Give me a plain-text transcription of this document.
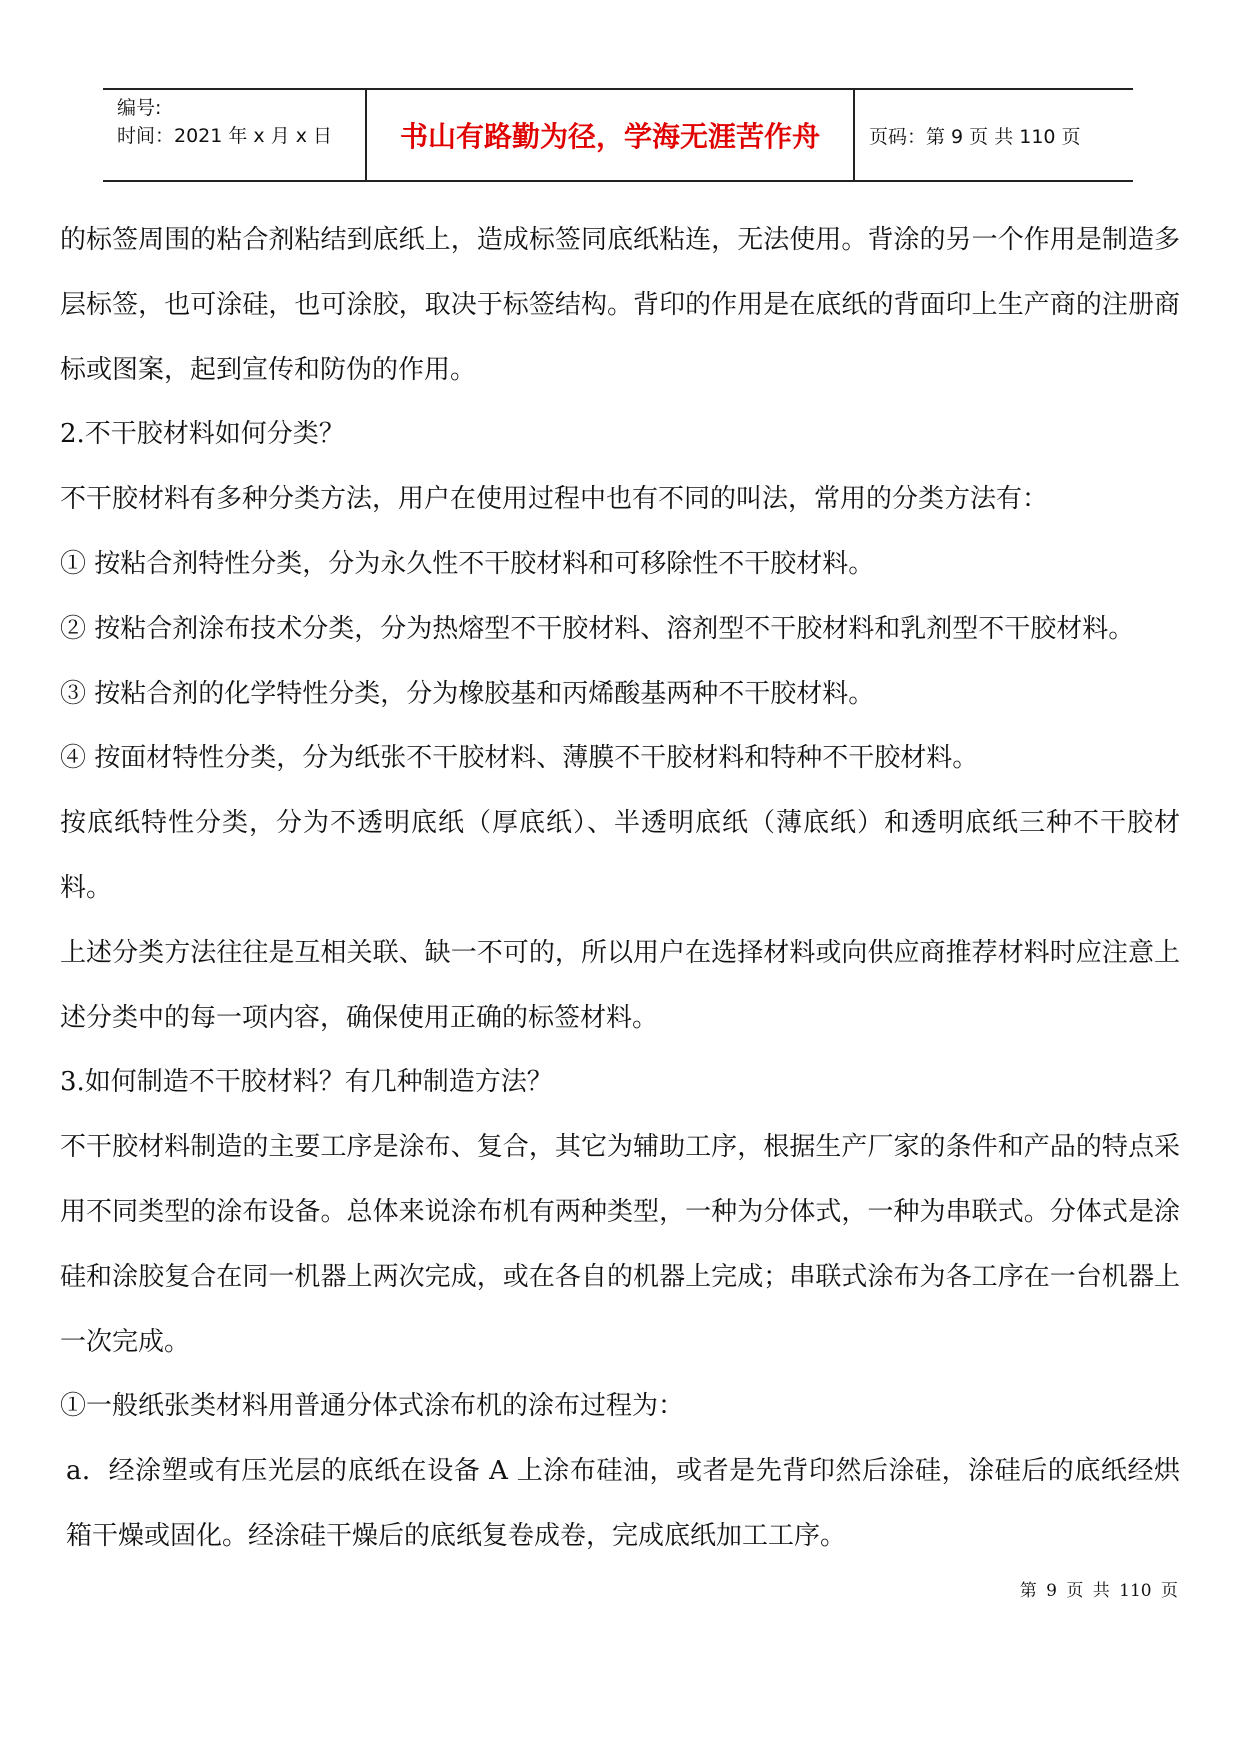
编号:
时间：2021 年 x 月 x 日	书山有路勤为径，学海无涯苦作舟	页码：第 9 页 共 110 页

的标签周围的粘合剂粘结到底纸上，造成标签同底纸粘连，无法使用。背涂的另一个作用是制造多层标签，也可涂硅，也可涂胶，取决于标签结构。背印的作用是在底纸的背面印上生产商的注册商标或图案，起到宣传和防伪的作用。

2.不干胶材料如何分类？

不干胶材料有多种分类方法，用户在使用过程中也有不同的叫法，常用的分类方法有：

① 按粘合剂特性分类，分为永久性不干胶材料和可移除性不干胶材料。

② 按粘合剂涂布技术分类，分为热熔型不干胶材料、溶剂型不干胶材料和乳剂型不干胶材料。

③ 按粘合剂的化学特性分类，分为橡胶基和丙烯酸基两种不干胶材料。

④ 按面材特性分类，分为纸张不干胶材料、薄膜不干胶材料和特种不干胶材料。

按底纸特性分类，分为不透明底纸（厚底纸）、半透明底纸（薄底纸）和透明底纸三种不干胶材料。

上述分类方法往往是互相关联、缺一不可的，所以用户在选择材料或向供应商推荐材料时应注意上述分类中的每一项内容，确保使用正确的标签材料。

3.如何制造不干胶材料？有几种制造方法？

不干胶材料制造的主要工序是涂布、复合，其它为辅助工序，根据生产厂家的条件和产品的特点采用不同类型的涂布设备。总体来说涂布机有两种类型，一种为分体式，一种为串联式。分体式是涂硅和涂胶复合在同一机器上两次完成，或在各自的机器上完成；串联式涂布为各工序在一台机器上一次完成。

①一般纸张类材料用普通分体式涂布机的涂布过程为：

a．经涂塑或有压光层的底纸在设备 A 上涂布硅油，或者是先背印然后涂硅，涂硅后的底纸经烘箱干燥或固化。经涂硅干燥后的底纸复卷成卷，完成底纸加工工序。

第 9 页 共 110 页
